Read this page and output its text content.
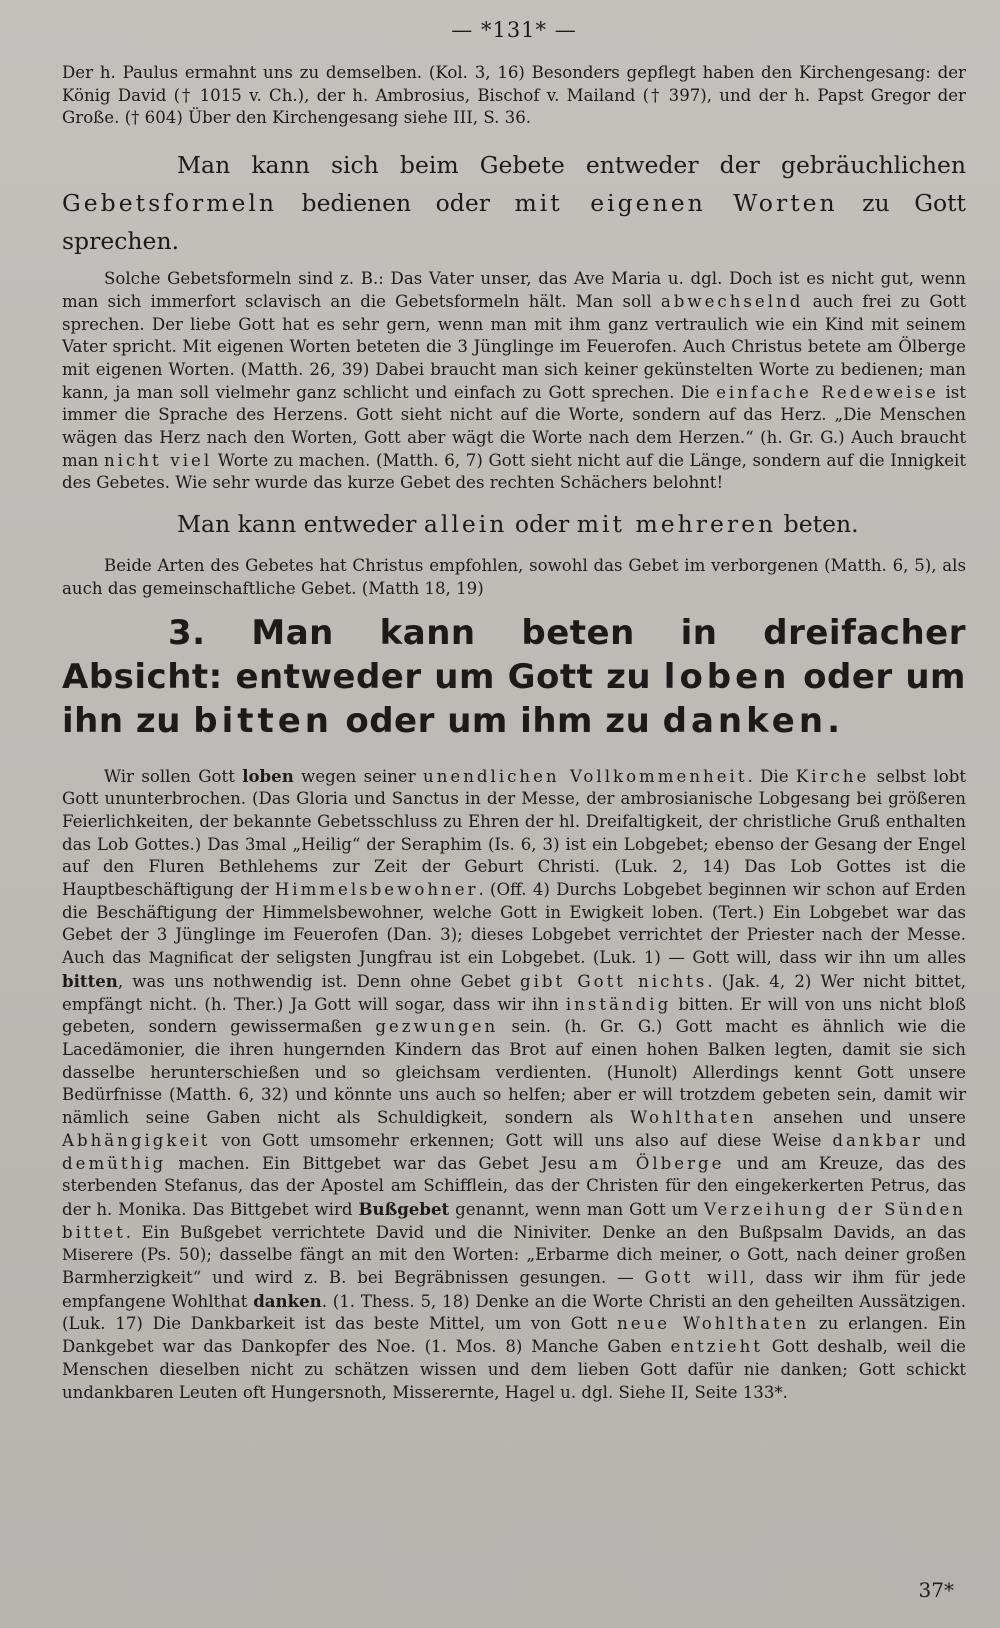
— *131* —

Der h. Paulus ermahnt uns zu demselben. (Kol. 3, 16) Besonders gepflegt haben den Kirchengesang: der König David († 1015 v. Ch.), der h. Ambrosius, Bischof v. Mailand († 397), und der h. Papst Gregor der Große. († 604) Über den Kirchengesang siehe III, S. 36.

Man kann sich beim Gebete entweder der gebräuchlichen Gebetsformeln bedienen oder mit eigenen Worten zu Gott sprechen.

Solche Gebetsformeln sind z. B.: Das Vater unser, das Ave Maria u. dgl. Doch ist es nicht gut, wenn man sich immerfort sclavisch an die Gebetsformeln hält. Man soll abwechselnd auch frei zu Gott sprechen. Der liebe Gott hat es sehr gern, wenn man mit ihm ganz vertraulich wie ein Kind mit seinem Vater spricht. Mit eigenen Worten beteten die 3 Jünglinge im Feuerofen. Auch Christus betete am Ölberge mit eigenen Worten. (Matth. 26, 39) Dabei braucht man sich keiner gekünstelten Worte zu bedienen; man kann, ja man soll vielmehr ganz schlicht und einfach zu Gott sprechen. Die einfache Redeweise ist immer die Sprache des Herzens. Gott sieht nicht auf die Worte, sondern auf das Herz. „Die Menschen wägen das Herz nach den Worten, Gott aber wägt die Worte nach dem Herzen.“ (h. Gr. G.) Auch braucht man nicht viel Worte zu machen. (Matth. 6, 7) Gott sieht nicht auf die Länge, sondern auf die Innigkeit des Gebetes. Wie sehr wurde das kurze Gebet des rechten Schächers belohnt!

Man kann entweder allein oder mit mehreren beten.

Beide Arten des Gebetes hat Christus empfohlen, sowohl das Gebet im verborgenen (Matth. 6, 5), als auch das gemeinschaftliche Gebet. (Matth 18, 19)

3. Man kann beten in dreifacher Absicht: entweder um Gott zu loben oder um ihn zu bitten oder um ihm zu danken.

Wir sollen Gott loben wegen seiner unendlichen Vollkommenheit. Die Kirche selbst lobt Gott ununterbrochen. (Das Gloria und Sanctus in der Messe, der ambrosianische Lobgesang bei größeren Feierlichkeiten, der bekannte Gebetsschluss zu Ehren der hl. Dreifaltigkeit, der christliche Gruß enthalten das Lob Gottes.) Das 3mal „Heilig“ der Seraphim (Is. 6, 3) ist ein Lobgebet; ebenso der Gesang der Engel auf den Fluren Bethlehems zur Zeit der Geburt Christi. (Luk. 2, 14) Das Lob Gottes ist die Hauptbeschäftigung der Himmelsbewohner. (Off. 4) Durchs Lobgebet beginnen wir schon auf Erden die Beschäftigung der Himmelsbewohner, welche Gott in Ewigkeit loben. (Tert.) Ein Lobgebet war das Gebet der 3 Jünglinge im Feuerofen (Dan. 3); dieses Lobgebet verrichtet der Priester nach der Messe. Auch das Magnificat der seligsten Jungfrau ist ein Lobgebet. (Luk. 1) — Gott will, dass wir ihn um alles bitten, was uns nothwendig ist. Denn ohne Gebet gibt Gott nichts. (Jak. 4, 2) Wer nicht bittet, empfängt nicht. (h. Ther.) Ja Gott will sogar, dass wir ihn inständig bitten. Er will von uns nicht bloß gebeten, sondern gewissermaßen gezwungen sein. (h. Gr. G.) Gott macht es ähnlich wie die Lacedämonier, die ihren hungernden Kindern das Brot auf einen hohen Balken legten, damit sie sich dasselbe herunterschießen und so gleichsam verdienten. (Hunolt) Allerdings kennt Gott unsere Bedürfnisse (Matth. 6, 32) und könnte uns auch so helfen; aber er will trotzdem gebeten sein, damit wir nämlich seine Gaben nicht als Schuldigkeit, sondern als Wohlthaten ansehen und unsere Abhängigkeit von Gott umsomehr erkennen; Gott will uns also auf diese Weise dankbar und demüthig machen. Ein Bittgebet war das Gebet Jesu am Ölberge und am Kreuze, das des sterbenden Stefanus, das der Apostel am Schifflein, das der Christen für den eingekerkerten Petrus, das der h. Monika. Das Bittgebet wird Bußgebet genannt, wenn man Gott um Verzeihung der Sünden bittet. Ein Bußgebet verrichtete David und die Niniviter. Denke an den Bußpsalm Davids, an das Miserere (Ps. 50); dasselbe fängt an mit den Worten: „Erbarme dich meiner, o Gott, nach deiner großen Barmherzigkeit“ und wird z. B. bei Begräbnissen gesungen. — Gott will, dass wir ihm für jede empfangene Wohlthat danken. (1. Thess. 5, 18) Denke an die Worte Christi an den geheilten Aussätzigen. (Luk. 17) Die Dankbarkeit ist das beste Mittel, um von Gott neue Wohlthaten zu erlangen. Ein Dankgebet war das Dankopfer des Noe. (1. Mos. 8) Manche Gaben entzieht Gott deshalb, weil die Menschen dieselben nicht zu schätzen wissen und dem lieben Gott dafür nie danken; Gott schickt undankbaren Leuten oft Hungersnoth, Misserernte, Hagel u. dgl. Siehe II, Seite 133*.

37*
